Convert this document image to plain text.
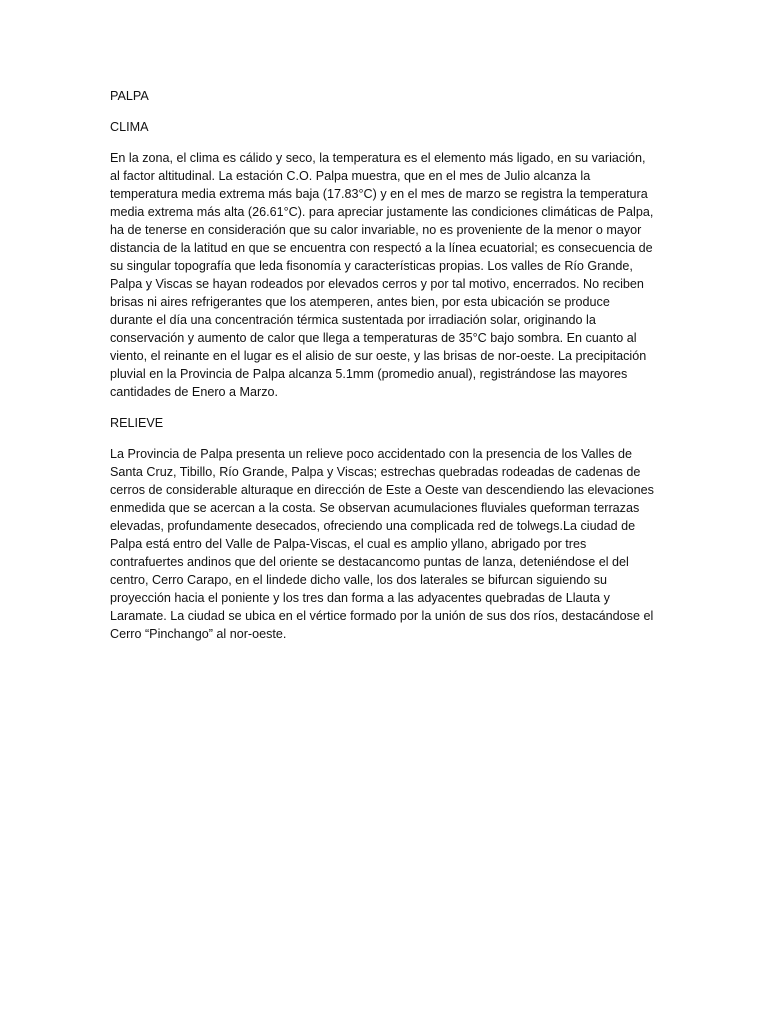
PALPA

CLIMA

En la zona, el clima es cálido y seco, la temperatura es el elemento más ligado, en su variación, al factor altitudinal. La estación C.O. Palpa muestra, que en el mes de Julio alcanza la temperatura media extrema más baja (17.83°C) y en el mes de marzo se registra la temperatura media extrema más alta (26.61°C). para apreciar justamente las condiciones climáticas de Palpa, ha de tenerse en consideración que su calor invariable, no es proveniente de la menor o mayor distancia de la latitud en que se encuentra con respectó a la línea ecuatorial; es consecuencia de su singular topografía que leda fisonomía y características propias. Los valles de Río Grande, Palpa y Viscas se hayan rodeados por elevados cerros y por tal motivo, encerrados. No reciben brisas ni aires refrigerantes que los atemperen, antes bien, por esta ubicación se produce durante el día una concentración térmica sustentada por irradiación solar, originando la conservación y aumento de calor que llega a temperaturas de 35°C bajo sombra. En cuanto al viento, el reinante en el lugar es el alisio de sur oeste, y las brisas de nor-oeste. La precipitación pluvial en la Provincia de Palpa alcanza 5.1mm (promedio anual), registrándose las mayores cantidades de Enero a Marzo.

RELIEVE

La Provincia de Palpa presenta un relieve poco accidentado con la presencia de los Valles de Santa Cruz, Tibillo, Río Grande, Palpa y Viscas; estrechas quebradas rodeadas de cadenas de cerros de considerable alturaque en dirección de Este a Oeste van descendiendo las elevaciones enmedida que se acercan a la costa. Se observan acumulaciones fluviales queforman terrazas elevadas, profundamente desecados, ofreciendo una complicada red de tolwegs.La ciudad de Palpa está entro del Valle de Palpa-Viscas, el cual es amplio yllano, abrigado por tres contrafuertes andinos que del oriente se destacancomo puntas de lanza, deteniéndose el del centro, Cerro Carapo, en el lindede dicho valle, los dos laterales se bifurcan siguiendo su proyección hacia el poniente y los tres dan forma a las adyacentes quebradas de Llauta y Laramate. La ciudad se ubica en el vértice formado por la unión de sus dos ríos, destacándose el Cerro “Pinchango” al nor-oeste.
